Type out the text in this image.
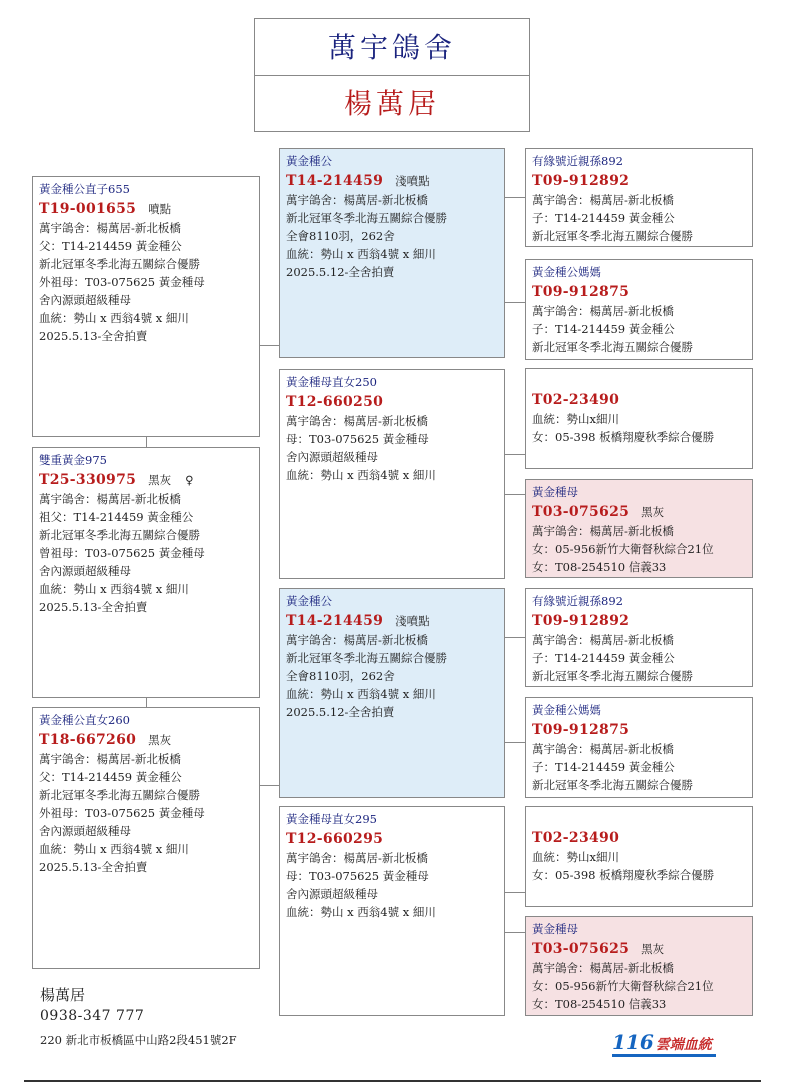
萬宇鴿舍
楊萬居
黃金種公直子655
T19-001655 噴點
萬宇鴿舍：楊萬居-新北板橋
父：T14-214459 黃金種公
新北冠軍冬季北海五關綜合優勝
外祖母：T03-075625 黃金種母
舍內源頭超級種母
血統：勢山 x 西翁4號 x 細川
2025.5.13-全舍拍賣
雙重黃金975
T25-330975 黑灰 ♀
萬宇鴿舍：楊萬居-新北板橋
祖父：T14-214459 黃金種公
新北冠軍冬季北海五關綜合優勝
曾祖母：T03-075625 黃金種母
舍內源頭超級種母
血統：勢山 x 西翁4號 x 細川
2025.5.13-全舍拍賣
黃金種公直女260
T18-667260 黑灰
萬宇鴿舍：楊萬居-新北板橋
父：T14-214459 黃金種公
新北冠軍冬季北海五關綜合優勝
外祖母：T03-075625 黃金種母
舍內源頭超級種母
血統：勢山 x 西翁4號 x 細川
2025.5.13-全舍拍賣
黃金種公
T14-214459 淺噴點
萬宇鴿舍：楊萬居-新北板橋
新北冠軍冬季北海五關綜合優勝
全會8110羽，262舍
血統：勢山 x 西翁4號 x 細川
2025.5.12-全舍拍賣
黃金種母直女250
T12-660250
萬宇鴿舍：楊萬居-新北板橋
母：T03-075625 黃金種母
舍內源頭超級種母
血統：勢山 x 西翁4號 x 細川
黃金種公
T14-214459 淺噴點
萬宇鴿舍：楊萬居-新北板橋
新北冠軍冬季北海五關綜合優勝
全會8110羽，262舍
血統：勢山 x 西翁4號 x 細川
2025.5.12-全舍拍賣
黃金種母直女295
T12-660295
萬宇鴿舍：楊萬居-新北板橋
母：T03-075625 黃金種母
舍內源頭超級種母
血統：勢山 x 西翁4號 x 細川
有緣號近親孫892
T09-912892
萬宇鴿舍：楊萬居-新北板橋
子：T14-214459 黃金種公
新北冠軍冬季北海五關綜合優勝
黃金種公媽媽
T09-912875
萬宇鴿舍：楊萬居-新北板橋
子：T14-214459 黃金種公
新北冠軍冬季北海五關綜合優勝
T02-23490
血統：勢山x細川
女：05-398 板橋翔慶秋季綜合優勝
黃金種母
T03-075625 黑灰
萬宇鴿舍：楊萬居-新北板橋
女：05-956新竹大衛督秋綜合21位
女：T08-254510 信義33
有緣號近親孫892
T09-912892
萬宇鴿舍：楊萬居-新北板橋
子：T14-214459 黃金種公
新北冠軍冬季北海五關綜合優勝
黃金種公媽媽
T09-912875
萬宇鴿舍：楊萬居-新北板橋
子：T14-214459 黃金種公
新北冠軍冬季北海五關綜合優勝
T02-23490
血統：勢山x細川
女：05-398 板橋翔慶秋季綜合優勝
黃金種母
T03-075625 黑灰
萬宇鴿舍：楊萬居-新北板橋
女：05-956新竹大衛督秋綜合21位
女：T08-254510 信義33
楊萬居
0938-347 777
220 新北市板橋區中山路2段451號2F	116 雲端血統
